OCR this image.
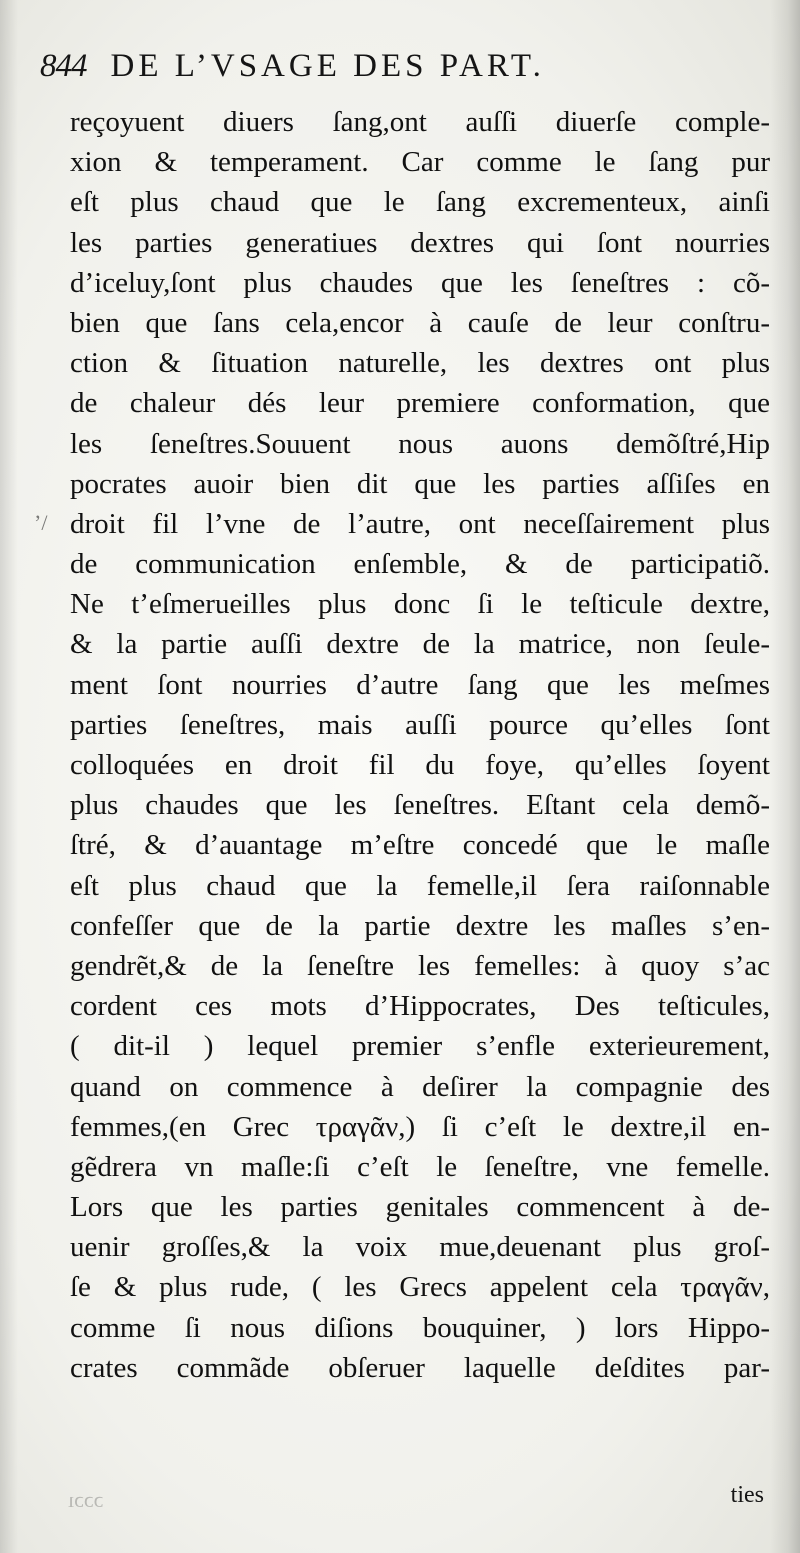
844 DE L’VSAGE DES PART.
’/
reçoyuent diuers ſang,ont auſſi diuerſe comple-
xion & temperament. Car comme le ſang pur
eſt plus chaud que le ſang excrementeux, ainſi
les parties generatiues dextres qui ſont nourries
d’iceluy,ſont plus chaudes que les ſeneſtres : cõ-
bien que ſans cela,encor à cauſe de leur conſtru-
ction & ſituation naturelle, les dextres ont plus
de chaleur dés leur premiere conformation, que
les ſeneſtres.Souuent nous auons demõſtré,Hip
pocrates auoir bien dit que les parties aſſiſes en
droit fil l’vne de l’autre, ont neceſſairement plus
de communication enſemble, & de participatiõ.
Ne t’eſmerueilles plus donc ſi le teſticule dextre,
& la partie auſſi dextre de la matrice, non ſeule-
ment ſont nourries d’autre ſang que les meſmes
parties ſeneſtres, mais auſſi pource qu’elles ſont
colloquées en droit fil du foye, qu’elles ſoyent
plus chaudes que les ſeneſtres. Eſtant cela demõ-
ſtré, & d’auantage m’eſtre concedé que le maſle
eſt plus chaud que la femelle,il ſera raiſonnable
confeſſer que de la partie dextre les maſles s’en-
gendrẽt,& de la ſeneſtre les femelles: à quoy s’ac
cordent ces mots d’Hippocrates, Des teſticules,
( dit-il ) lequel premier s’enfle exterieurement,
quand on commence à deſirer la compagnie des
femmes,(en Grec τραγᾶν,) ſi c’eſt le dextre,il en-
gẽdrera vn maſle:ſi c’eſt le ſeneſtre, vne femelle.
Lors que les parties genitales commencent à de-
uenir groſſes,& la voix mue,deuenant plus groſ-
ſe & plus rude, ( les Grecs appelent cela τραγᾶν,
comme ſi nous diſions bouquiner, ) lors Hippo-
crates commãde obſeruer laquelle deſdites par-
ɔɔɔı	ties
